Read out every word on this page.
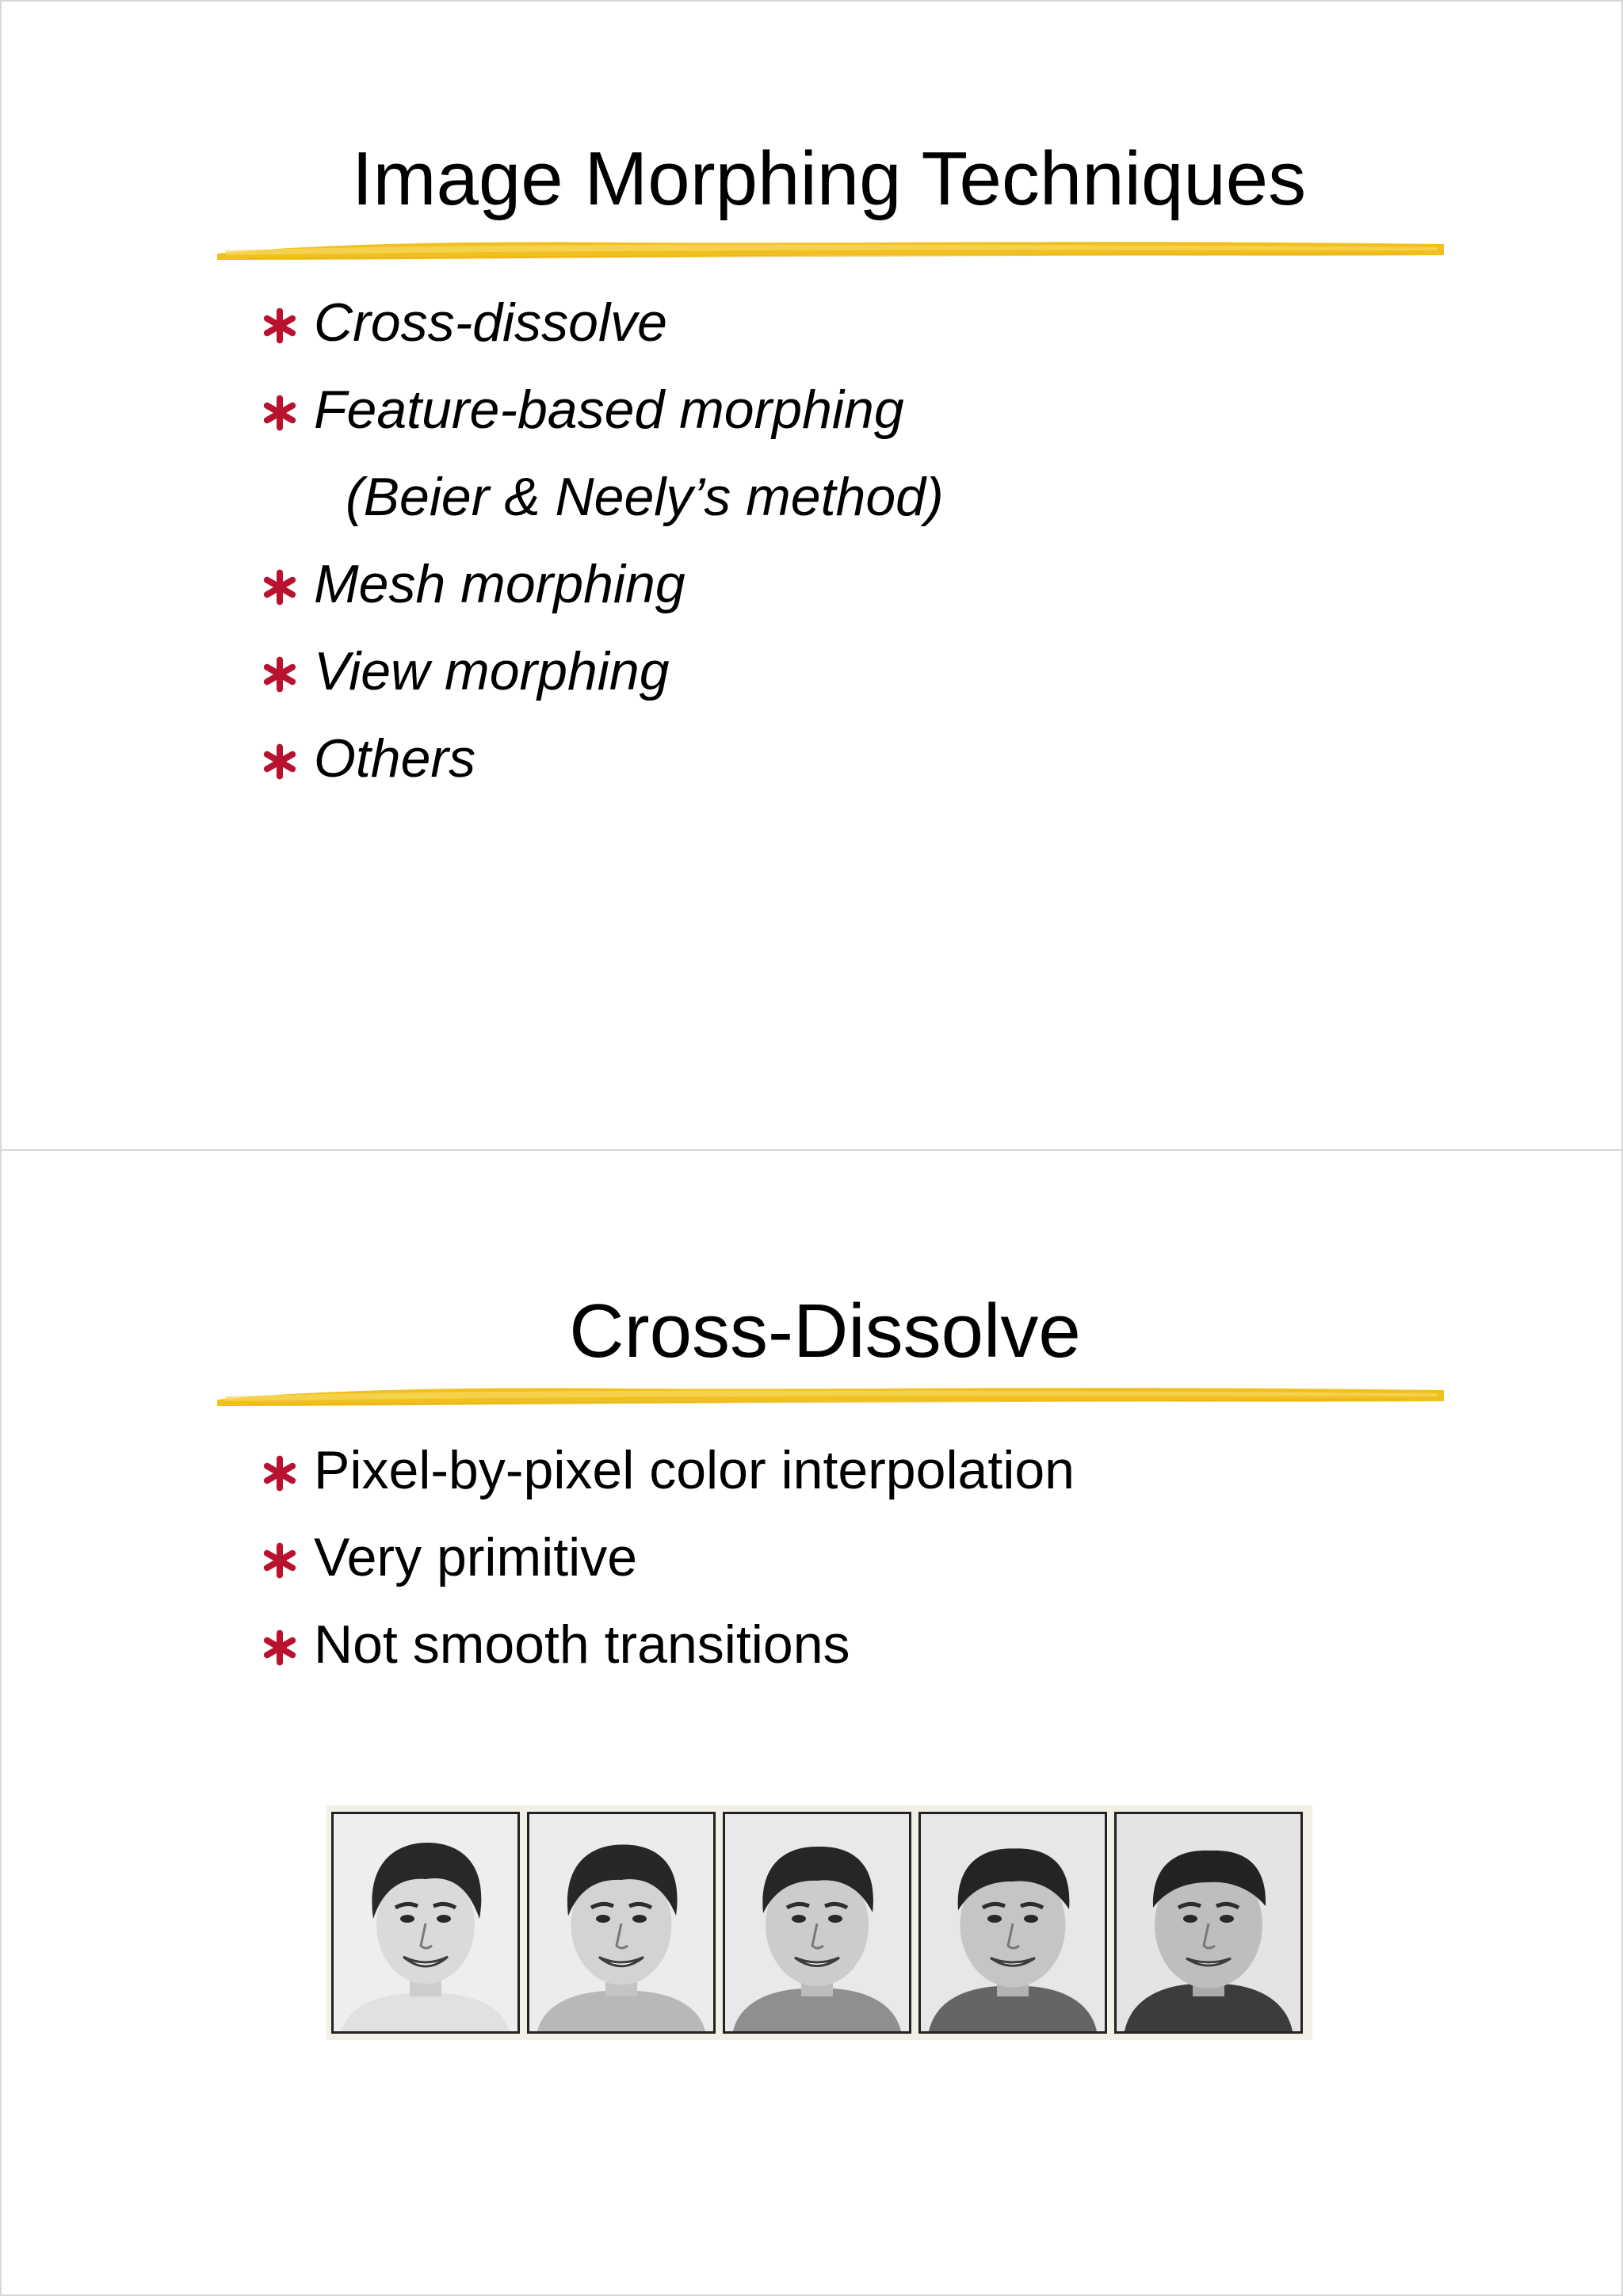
Image Morphing Techniques
Cross-dissolve
Feature-based morphing
(Beier & Neely’s method)
Mesh morphing
View morphing
Others
Cross-Dissolve
Pixel-by-pixel color interpolation
Very primitive
Not smooth transitions
